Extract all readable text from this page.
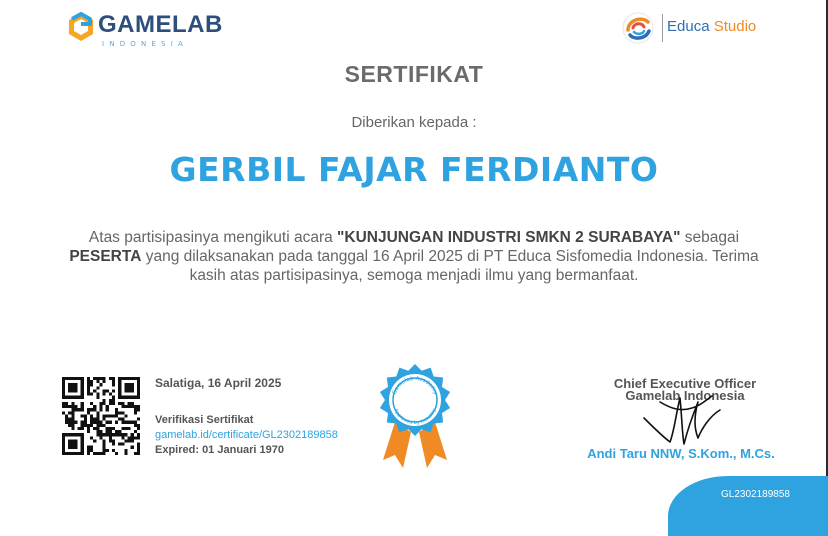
GAMELAB
INDONESIA
Educa Studio
SERTIFIKAT
Diberikan kepada :
GERBIL FAJAR FERDIANTO
Atas partisipasinya mengikuti acara "KUNJUNGAN INDUSTRI SMKN 2 SURABAYA" sebagai
PESERTA yang dilaksanakan pada tanggal 16 April 2025 di PT Educa Sisfomedia Indonesia. Terima kasih atas partisipasinya, semoga menjadi ilmu yang bermanfaat.
Salatiga, 16 April 2025
Verifikasi Sertifikat
gamelab.id/certificate/GL2302189858
Expired: 01 Januari 1970
Gamelab Academy
Approved by Industry
Chief Executive Officer
Gamelab Indonesia
Andi Taru NNW, S.Kom., M.Cs.
GL2302189858
